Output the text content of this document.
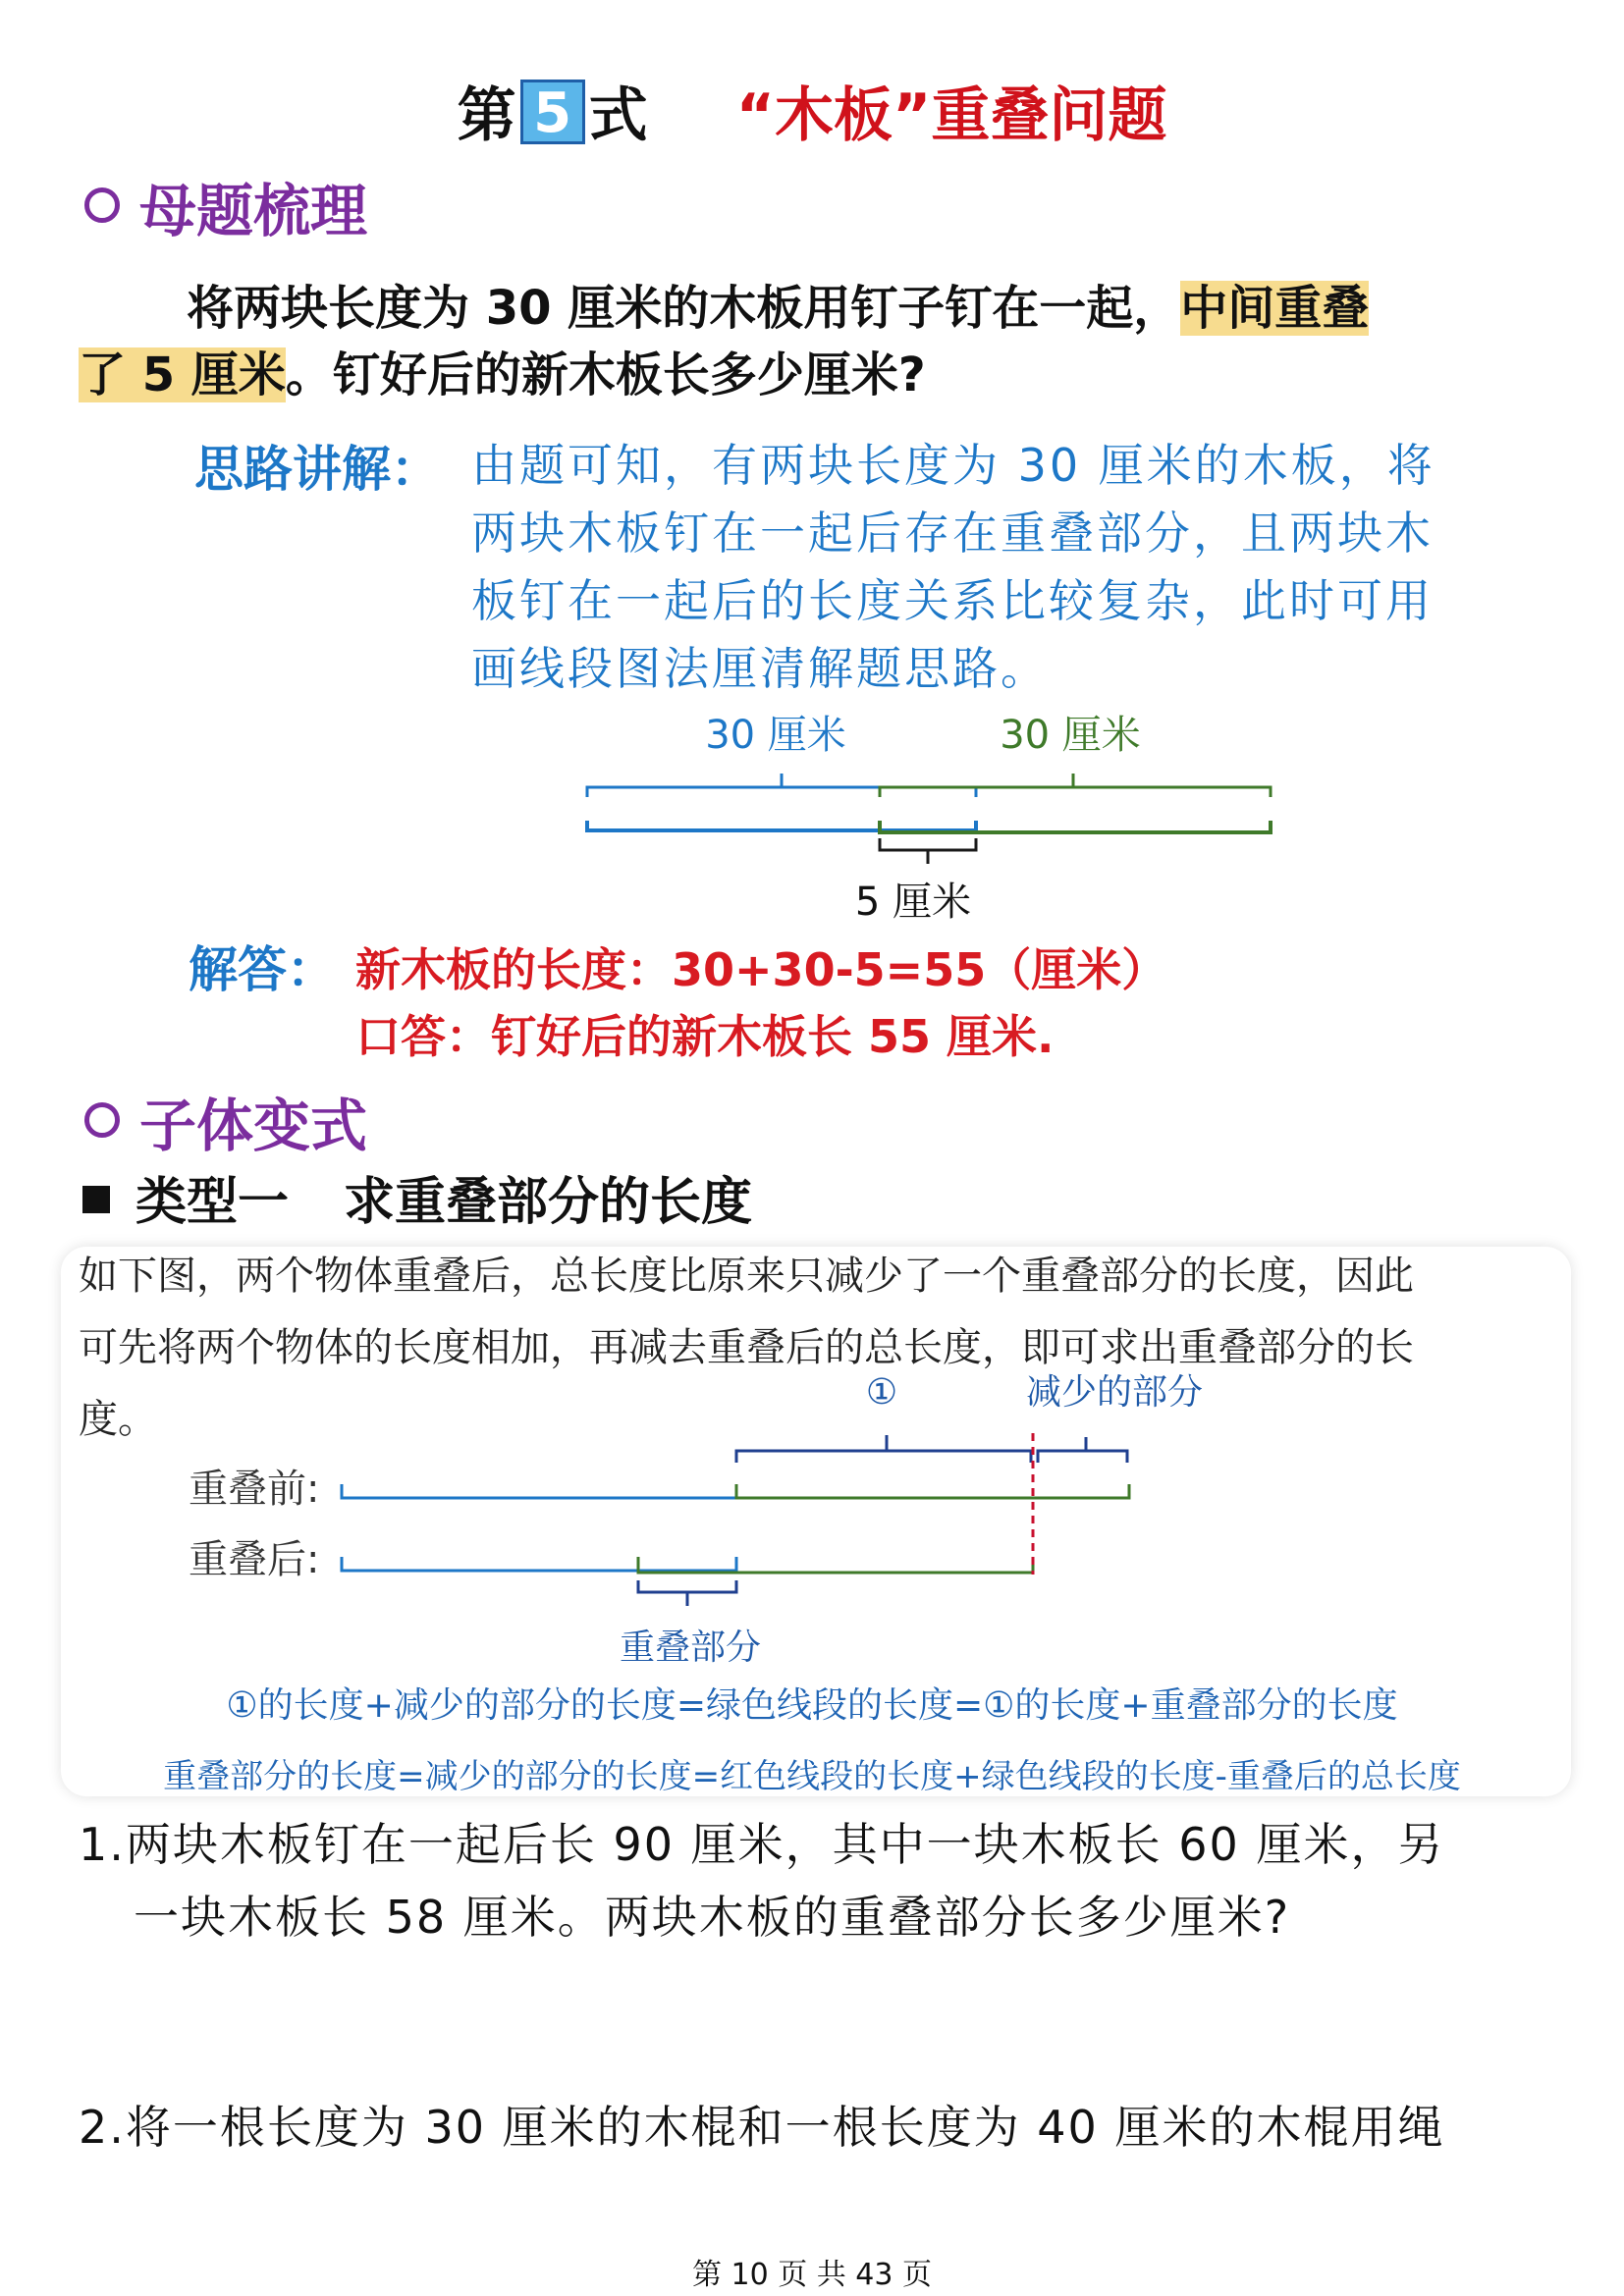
第 5 式 “木板”重叠问题
母题梳理
将两块长度为 30 厘米的木板用钉子钉在一起，中间重叠
了 5 厘米。钉好后的新木板长多少厘米?
思路讲解： 由题可知，有两块长度为 30 厘米的木板，将
两块木板钉在一起后存在重叠部分，且两块木
板钉在一起后的长度关系比较复杂，此时可用
画线段图法厘清解题思路。
30 厘米	30 厘米
5 厘米
解答： 新木板的长度：30+30-5=55（厘米）
口答：钉好后的新木板长 55 厘米.
子体变式
类型一 求重叠部分的长度
如下图，两个物体重叠后，总长度比原来只减少了一个重叠部分的长度，因此
可先将两个物体的长度相加，再减去重叠后的总长度，即可求出重叠部分的长
度。
①	减少的部分
重叠前:
重叠后:
重叠部分
①的长度+减少的部分的长度=绿色线段的长度=①的长度+重叠部分的长度
重叠部分的长度=减少的部分的长度=红色线段的长度+绿色线段的长度-重叠后的总长度
1.两块木板钉在一起后长 90 厘米，其中一块木板长 60 厘米，另
一块木板长 58 厘米。两块木板的重叠部分长多少厘米?
2.将一根长度为 30 厘米的木棍和一根长度为 40 厘米的木棍用绳
第 10 页 共 43 页
